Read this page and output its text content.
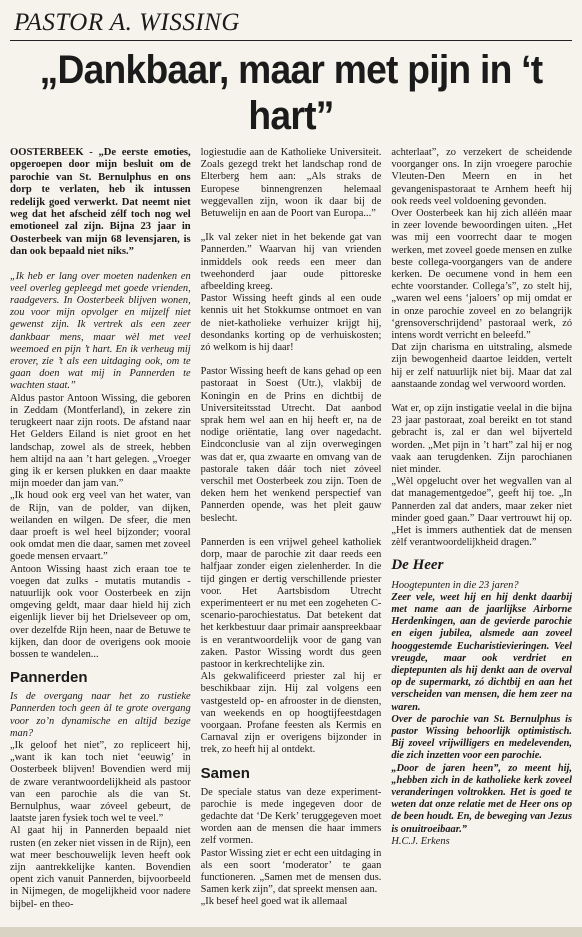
PASTOR A. WISSING
„Dankbaar, maar met pijn in ‘t hart”

OOSTERBEEK - „De eerste emoties, opgeroepen door mijn besluit om de parochie van St. Bernulphus en ons dorp te verlaten, heb ik intussen redelijk goed verwerkt. Dat neemt niet weg dat het afscheid zélf toch nog wel emotioneel zal zijn. Bijna 23 jaar in Oosterbeek van mijn 68 levensjaren, is dan ook bepaald niet niks.”

„Ik heb er lang over moeten nadenken en veel overleg gepleegd met goede vrienden, raadgevers. In Oosterbeek blijven wonen, zou voor mijn opvolger en mijzelf niet gewenst zijn. Ik vertrek als een zeer dankbaar mens, maar wèl met veel weemoed en pijn ’t hart. En ik verheug mij erover, zie ’t als een uitdaging ook, om te gaan doen wat mij in Pannerden te wachten staat.”

Aldus pastor Antoon Wissing, die geboren in Zeddam (Montferland), in zekere zin terugkeert naar zijn roots. De afstand naar Het Gelders Eiland is niet groot en het landschap, zowel als de streek, hebben hem altijd na aan ’t hart gelegen. „Vroeger ging ik er kersen plukken en daar maakte mijn moeder dan jam van.”

„Ik houd ook erg veel van het water, van de Rijn, van de polder, van dijken, weilanden en wilgen. De sfeer, die men daar proeft is wel heel bijzonder; vooral ook omdat men die daar, samen met zoveel goede mensen ervaart.”

Antoon Wissing haast zich eraan toe te voegen dat zulks - mutatis mutandis - natuurlijk ook voor Oosterbeek en zijn omgeving geldt, maar daar hield hij zich eigenlijk liever bij het Drielseveer op om, over dezelfde Rijn heen, naar de Betuwe te kijken, dan door de overigens ook mooie bossen te wandelen...

Pannerden

Is de overgang naar het zo rustieke Pannerden toch geen àl te grote overgang voor zo’n dynamische en altijd bezige man?

„Ik geloof het niet”, zo repliceert hij, „want ik kan toch niet ‘eeuwig’ in Oosterbeek blijven! Bovendien werd mij de zware verantwoordelijkheid als pastoor van een parochie als die van St. Bernulphus, waar zóveel gebeurt, de laatste jaren fysiek toch wel te veel.”

Al gaat hij in Pannerden bepaald niet rusten (en zeker niet vissen in de Rijn), een wat meer beschouwelijk leven heeft ook zijn aantrekkelijke kanten. Bovendien opent zich vanuit Pannerden, bijvoorbeeld in Nijmegen, de mogelijkheid voor nadere bijbel- en theo-

logiestudie aan de Katholieke Universiteit. Zoals gezegd trekt het landschap rond de Elterberg hem aan: „Als straks de Europese binnengrenzen helemaal weggevallen zijn, woon ik daar bij de Betuwelijn en aan de Poort van Europa...”

„Ik val zeker niet in het bekende gat van Pannerden.” Waarvan hij van vrienden inmiddels ook reeds een meer dan tweehonderd jaar oude pittoreske afbeelding kreeg.

Pastor Wissing heeft ginds al een oude kennis uit het Stokkumse ontmoet en van de niet-katholieke verhuizer krijgt hij, desondanks korting op de verhuiskosten; zó welkom is hij daar!

Pastor Wissing heeft de kans gehad op een pastoraat in Soest (Utr.), vlakbij de Koningin en de Prins en dichtbij de Universiteitsstad Utrecht. Dat aanbod sprak hem wel aan en hij heeft er, na de nodige oriëntatie, lang over nagedacht. Eindconclusie van al zijn overwegingen was dat er, qua zwaarte en omvang van de pastorale taken dáár toch niet zóveel verschil met Oosterbeek zou zijn. Toen de deken hem het wenkend perspectief van Pannerden opende, was het pleit gauw beslecht.

Pannerden is een vrijwel geheel katholiek dorp, maar de parochie zit daar reeds een halfjaar zonder eigen zielenherder. In die tijd gingen er dertig verschillende priester voor. Het Aartsbisdom Utrecht experimenteert er nu met een zogeheten C-scenario-parochiestatus. Dat betekent dat het kerkbestuur daar primair aanspreekbaar is en verantwoordelijk voor de gang van zaken. Pastor Wissing wordt dus geen pastoor in kerkrechtelijke zin.

Als gekwalificeerd priester zal hij er beschikbaar zijn. Hij zal volgens een vastgesteld op- en afrooster in de diensten, van weekends en op hoogtijfeestdagen voorgaan. Profane feesten als Kermis en Carnaval zijn er overigens bijzonder in trek, zo heeft hij al ontdekt.

Samen

De speciale status van deze experiment-parochie is mede ingegeven door de gedachte dat ‘De Kerk’ teruggegeven moet worden aan de mensen die haar immers zelf vormen.

Pastor Wissing ziet er echt een uitdaging in als een soort ‘moderator’ te gaan functioneren. „Samen met de mensen dus. Samen kerk zijn”, dat spreekt mensen aan.

„Ik besef heel goed wat ik allemaal

achterlaat”, zo verzekert de scheidende voorganger ons. In zijn vroegere parochie Vleuten-Den Meern en in het gevangenispastoraat te Arnhem heeft hij ook reeds veel voldoening gevonden.

Over Oosterbeek kan hij zich alléén maar in zeer lovende bewoordingen uiten. „Het was mij een voorrecht daar te mogen werken, met zoveel goede mensen en zulke beste collega-voorgangers van de andere kerken. De oecumene vond in hem een echte voorstander. Collega’s”, zo stelt hij, „waren wel eens ‘jaloers’ op mij omdat er in onze parochie zoveel en zo belangrijk ‘grensoverschrijdend’ pastoraal werk, zó intens wordt verricht en beleefd.”

Dat zijn charisma en uitstraling, alsmede zijn bewogenheid daartoe leidden, vertelt hij er zelf natuurlijk niet bij. Maar dat zal aanstaande zondag wel verwoord worden.

Wat er, op zijn instigatie veelal in die bijna 23 jaar pastoraat, zoal bereikt en tot stand gebracht is, zal er dan wel bijverteld worden. „Met pijn in ’t hart” zal hij er nog vaak aan terugdenken. Zijn parochianen niet minder.

„Wèl opgelucht over het wegvallen van al dat managementgedoe”, geeft hij toe. „In Pannerden zal dat anders, maar zeker niet minder goed gaan.” Daar vertrouwt hij op. „Het is immers authentiek dat de mensen zèlf verantwoordelijkheid dragen.”

De Heer

Hoogtepunten in die 23 jaren?

Zeer vele, weet hij en hij denkt daarbij met name aan de jaarlijkse Airborne Herdenkingen, aan de gevierde parochie en eigen jubilea, alsmede aan zoveel hooggestemde Eucharistievieringen. Veel vreugde, maar ook verdriet en dieptepunten als hij denkt aan de overval op de supermarkt, zó dichtbij en aan het verscheiden van mensen, die hem zeer na waren.

Over de parochie van St. Bernulphus is pastor Wissing behoorlijk optimistisch. Bij zoveel vrijwilligers en medelevenden, die zich inzetten voor een parochie.

„Door de jaren heen”, zo meent hij, „hebben zich in de katholieke kerk zoveel veranderingen voltrokken. Het is goed te weten dat onze relatie met de Heer ons op de been houdt. En, de beweging van Jezus is onuitroeibaar.”

H.C.J. Erkens
